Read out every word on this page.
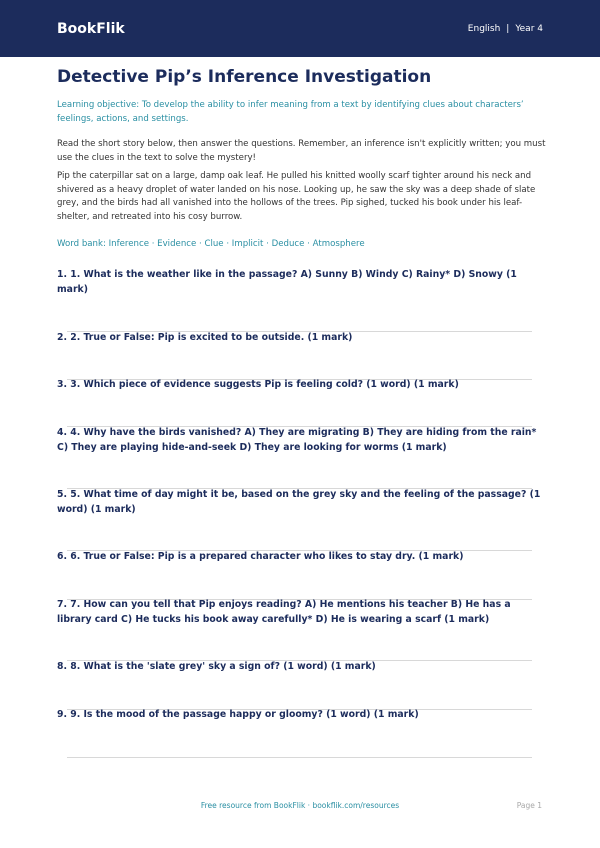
BookFlik	English | Year 4
Detective Pip’s Inference Investigation

Learning objective: To develop the ability to infer meaning from a text by identifying clues about characters’ feelings, actions, and settings.

Read the short story below, then answer the questions. Remember, an inference isn't explicitly written; you must use the clues in the text to solve the mystery!

Pip the caterpillar sat on a large, damp oak leaf. He pulled his knitted woolly scarf tighter around his neck and shivered as a heavy droplet of water landed on his nose. Looking up, he saw the sky was a deep shade of slate grey, and the birds had all vanished into the hollows of the trees. Pip sighed, tucked his book under his leaf-shelter, and retreated into his cosy burrow.

Word bank: Inference · Evidence · Clue · Implicit · Deduce · Atmosphere

1. 1. What is the weather like in the passage? A) Sunny B) Windy C) Rainy* D) Snowy (1 mark)

2. 2. True or False: Pip is excited to be outside. (1 mark)

3. 3. Which piece of evidence suggests Pip is feeling cold? (1 word) (1 mark)

4. 4. Why have the birds vanished? A) They are migrating B) They are hiding from the rain* C) They are playing hide-and-seek D) They are looking for worms (1 mark)

5. 5. What time of day might it be, based on the grey sky and the feeling of the passage? (1 word) (1 mark)

6. 6. True or False: Pip is a prepared character who likes to stay dry. (1 mark)

7. 7. How can you tell that Pip enjoys reading? A) He mentions his teacher B) He has a library card C) He tucks his book away carefully* D) He is wearing a scarf (1 mark)

8. 8. What is the 'slate grey' sky a sign of? (1 word) (1 mark)

9. 9. Is the mood of the passage happy or gloomy? (1 word) (1 mark)

Free resource from BookFlik · bookflik.com/resources	Page 1
